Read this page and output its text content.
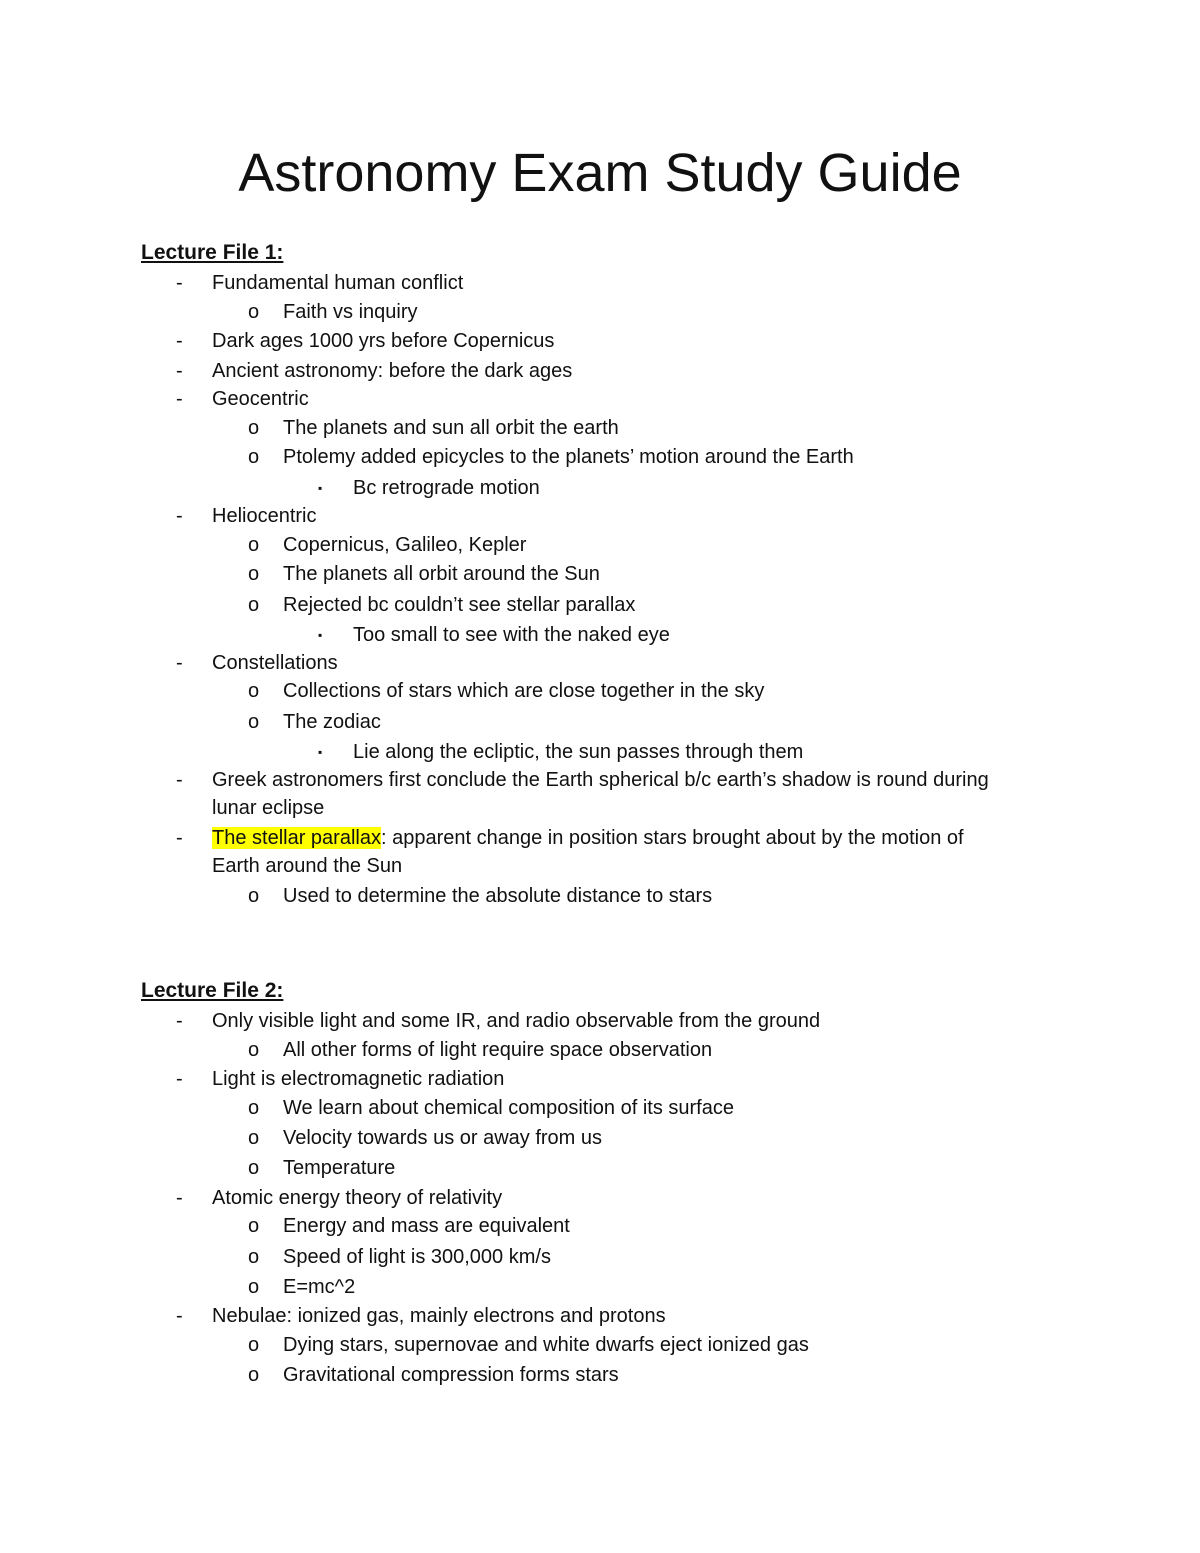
Astronomy Exam Study Guide
Lecture File 1:
- Fundamental human conflict
o Faith vs inquiry
- Dark ages 1000 yrs before Copernicus
- Ancient astronomy: before the dark ages
- Geocentric
o The planets and sun all orbit the earth
o Ptolemy added epicycles to the planets’ motion around the Earth
▪ Bc retrograde motion
- Heliocentric
o Copernicus, Galileo, Kepler
o The planets all orbit around the Sun
o Rejected bc couldn’t see stellar parallax
▪ Too small to see with the naked eye
- Constellations
o Collections of stars which are close together in the sky
o The zodiac
▪ Lie along the ecliptic, the sun passes through them
- Greek astronomers first conclude the Earth spherical b/c earth’s shadow is round during
lunar eclipse
- The stellar parallax: apparent change in position stars brought about by the motion of
Earth around the Sun
o Used to determine the absolute distance to stars
Lecture File 2:
- Only visible light and some IR, and radio observable from the ground
o All other forms of light require space observation
- Light is electromagnetic radiation
o We learn about chemical composition of its surface
o Velocity towards us or away from us
o Temperature
- Atomic energy theory of relativity
o Energy and mass are equivalent
o Speed of light is 300,000 km/s
o E=mc^2
- Nebulae: ionized gas, mainly electrons and protons
o Dying stars, supernovae and white dwarfs eject ionized gas
o Gravitational compression forms stars
